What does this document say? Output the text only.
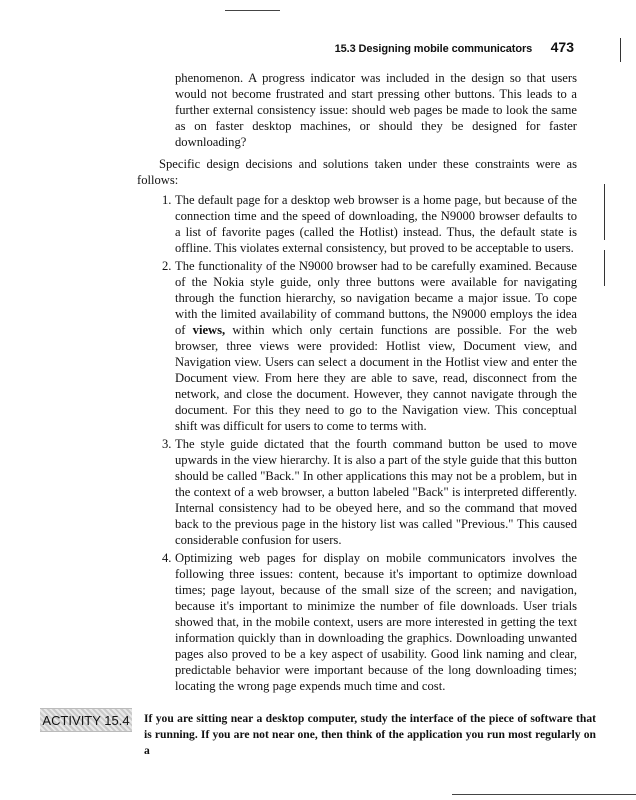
15.3 Designing mobile communicators 473

phenomenon. A progress indicator was included in the design so that users would not become frustrated and start pressing other buttons. This leads to a further external consistency issue: should web pages be made to look the same as on faster desktop machines, or should they be designed for faster downloading?

Specific design decisions and solutions taken under these constraints were as follows:

1. The default page for a desktop web browser is a home page, but because of the connection time and the speed of downloading, the N9000 browser defaults to a list of favorite pages (called the Hotlist) instead. Thus, the default state is offline. This violates external consistency, but proved to be acceptable to users.
2. The functionality of the N9000 browser had to be carefully examined. Because of the Nokia style guide, only three buttons were available for navigating through the function hierarchy, so navigation became a major issue. To cope with the limited availability of command buttons, the N9000 employs the idea of views, within which only certain functions are possible. For the web browser, three views were provided: Hotlist view, Document view, and Navigation view. Users can select a document in the Hotlist view and enter the Document view. From here they are able to save, read, disconnect from the network, and close the document. However, they cannot navigate through the document. For this they need to go to the Navigation view. This conceptual shift was difficult for users to come to terms with.
3. The style guide dictated that the fourth command button be used to move upwards in the view hierarchy. It is also a part of the style guide that this button should be called "Back." In other applications this may not be a problem, but in the context of a web browser, a button labeled "Back" is interpreted differently. Internal consistency had to be obeyed here, and so the command that moved back to the previous page in the history list was called "Previous." This caused considerable confusion for users.
4. Optimizing web pages for display on mobile communicators involves the following three issues: content, because it's important to optimize download times; page layout, because of the small size of the screen; and navigation, because it's important to minimize the number of file downloads. User trials showed that, in the mobile context, users are more interested in getting the text information quickly than in downloading the graphics. Downloading unwanted pages also proved to be a key aspect of usability. Good link naming and clear, predictable behavior were important because of the long downloading times; locating the wrong page expends much time and cost.
ACTIVITY 15.4 If you are sitting near a desktop computer, study the interface of the piece of software that is running. If you are not near one, then think of the application you run most regularly on a
